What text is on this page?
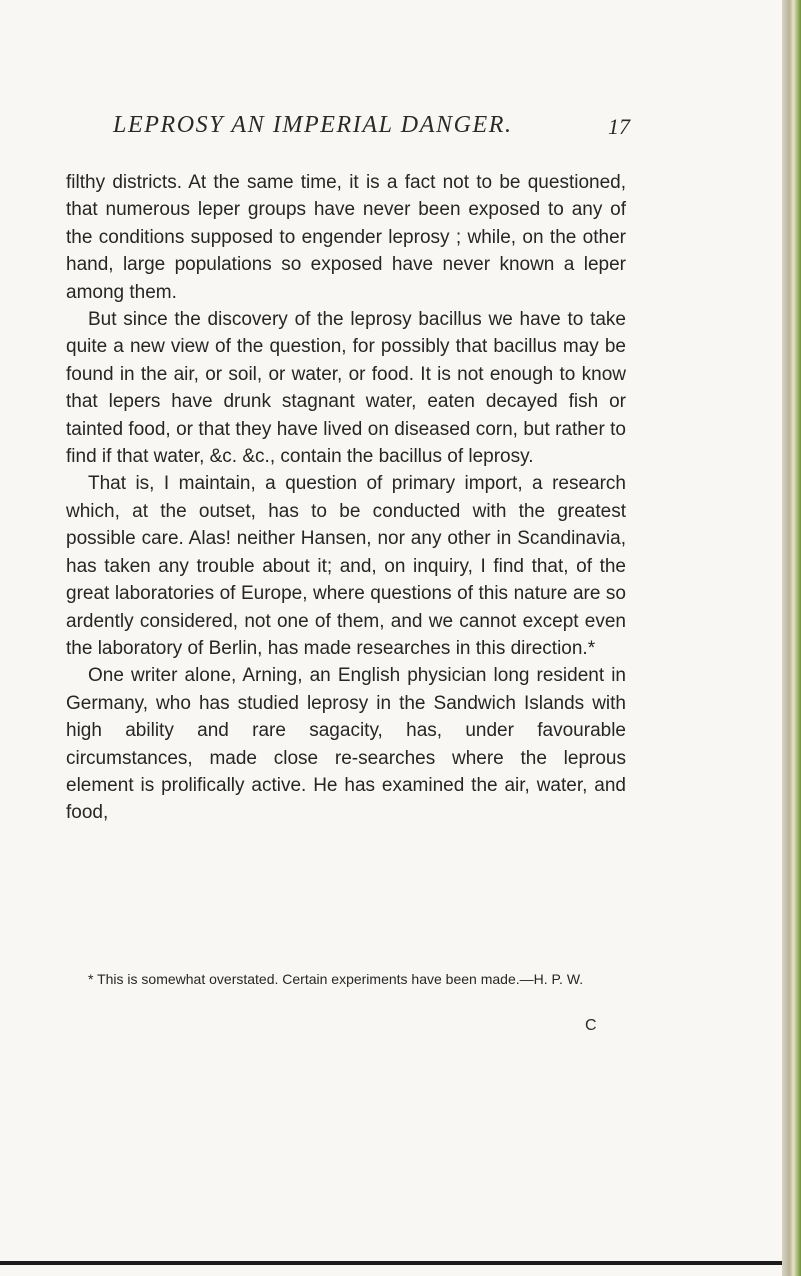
LEPROSY AN IMPERIAL DANGER.	17

filthy districts. At the same time, it is a fact not to be questioned, that numerous leper groups have never been exposed to any of the conditions supposed to engender leprosy ; while, on the other hand, large populations so exposed have never known a leper among them.

But since the discovery of the leprosy bacillus we have to take quite a new view of the question, for possibly that bacillus may be found in the air, or soil, or water, or food. It is not enough to know that lepers have drunk stagnant water, eaten decayed fish or tainted food, or that they have lived on diseased corn, but rather to find if that water, &c. &c., contain the bacillus of leprosy.

That is, I maintain, a question of primary import, a research which, at the outset, has to be conducted with the greatest possible care. Alas! neither Hansen, nor any other in Scandinavia, has taken any trouble about it; and, on inquiry, I find that, of the great laboratories of Europe, where questions of this nature are so ardently considered, not one of them, and we cannot except even the laboratory of Berlin, has made researches in this direction.*

One writer alone, Arning, an English physician long resident in Germany, who has studied leprosy in the Sandwich Islands with high ability and rare sagacity, has, under favourable circumstances, made close re-searches where the leprous element is prolifically active. He has examined the air, water, and food,

* This is somewhat overstated. Certain experiments have been made.—H. P. W.
C
